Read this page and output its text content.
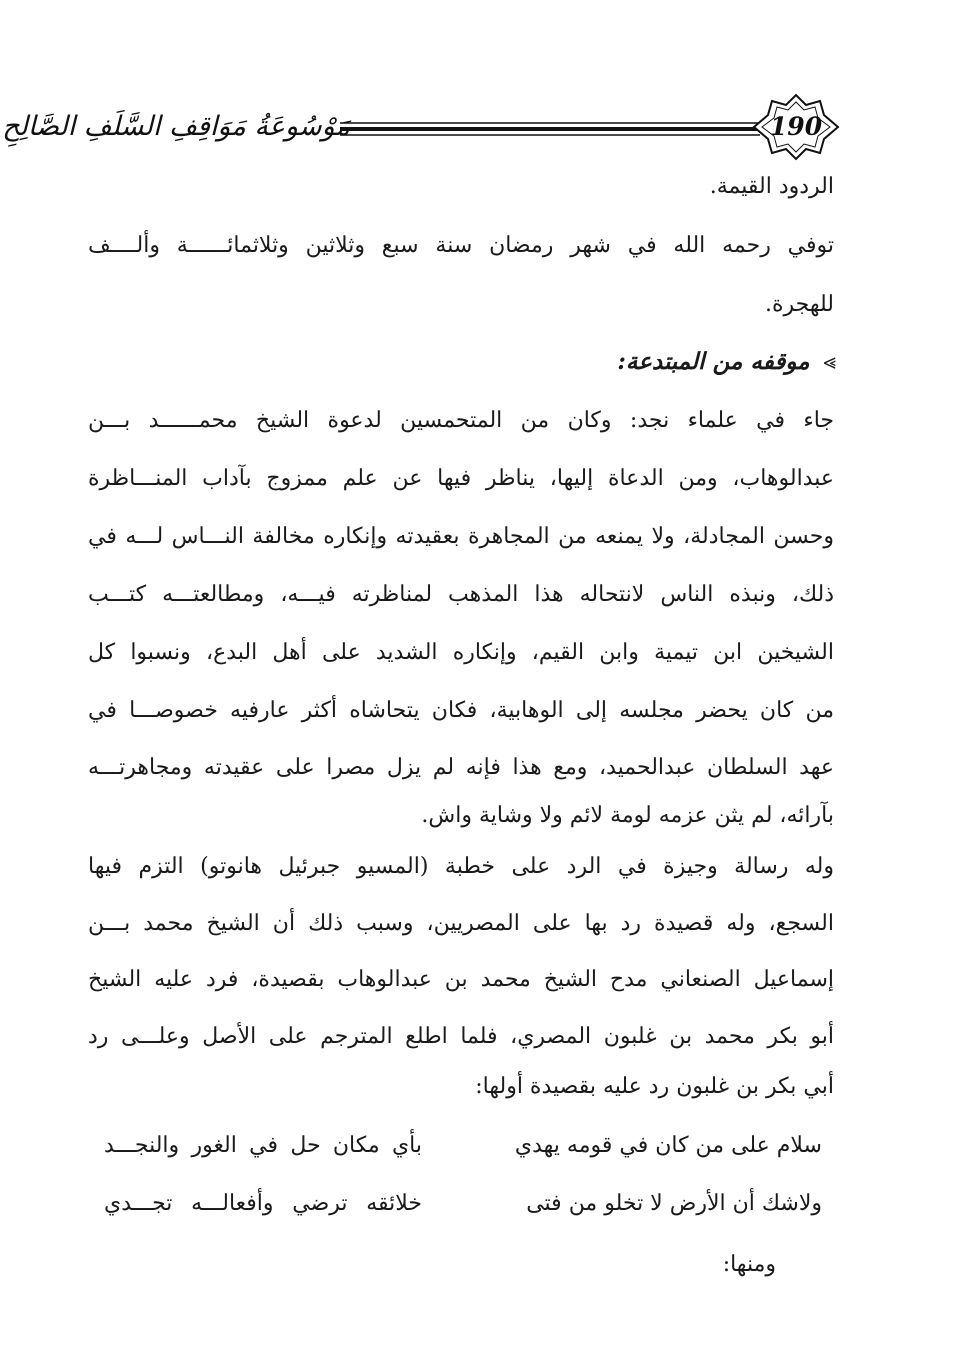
مَوْسُوعَةُ مَوَاقِفِ السَّلَفِ الصَّالِحِ	190
الردود القيمة.
توفي رحمه الله في شهر رمضان سنة سبع وثلاثين وثلاثمائــــــة وألــــف
للهجرة.
⪢موقفه من المبتدعة:
جاء في علماء نجد: وكان من المتحمسين لدعوة الشيخ محمــــــد بـــن
عبدالوهاب، ومن الدعاة إليها، يناظر فيها عن علم ممزوج بآداب المنـــاظرة
وحسن المجادلة، ولا يمنعه من المجاهرة بعقيدته وإنكاره مخالفة النـــاس لـــه في
ذلك، ونبذه الناس لانتحاله هذا المذهب لمناظرته فيـــه، ومطالعتـــه كتـــب
الشيخين ابن تيمية وابن القيم، وإنكاره الشديد على أهل البدع، ونسبوا كل
من كان يحضر مجلسه إلى الوهابية، فكان يتحاشاه أكثر عارفيه خصوصـــا في
عهد السلطان عبدالحميد، ومع هذا فإنه لم يزل مصرا على عقيدته ومجاهرتـــه
بآرائه، لم يثن عزمه لومة لائم ولا وشاية واش.
وله رسالة وجيزة في الرد على خطبة (المسيو جبرئيل هانوتو) التزم فيها
السجع، وله قصيدة رد بها على المصريين، وسبب ذلك أن الشيخ محمد بـــن
إسماعيل الصنعاني مدح الشيخ محمد بن عبدالوهاب بقصيدة، فرد عليه الشيخ
أبو بكر محمد بن غلبون المصري، فلما اطلع المترجم على الأصل وعلـــى رد
أبي بكر بن غلبون رد عليه بقصيدة أولها:
سلام على من كان في قومه يهدي
بأي مكان حل في الغور والنجـــد
ولاشك أن الأرض لا تخلو من فتى
خلائقه ترضي وأفعالـــه تجـــدي
ومنها:
